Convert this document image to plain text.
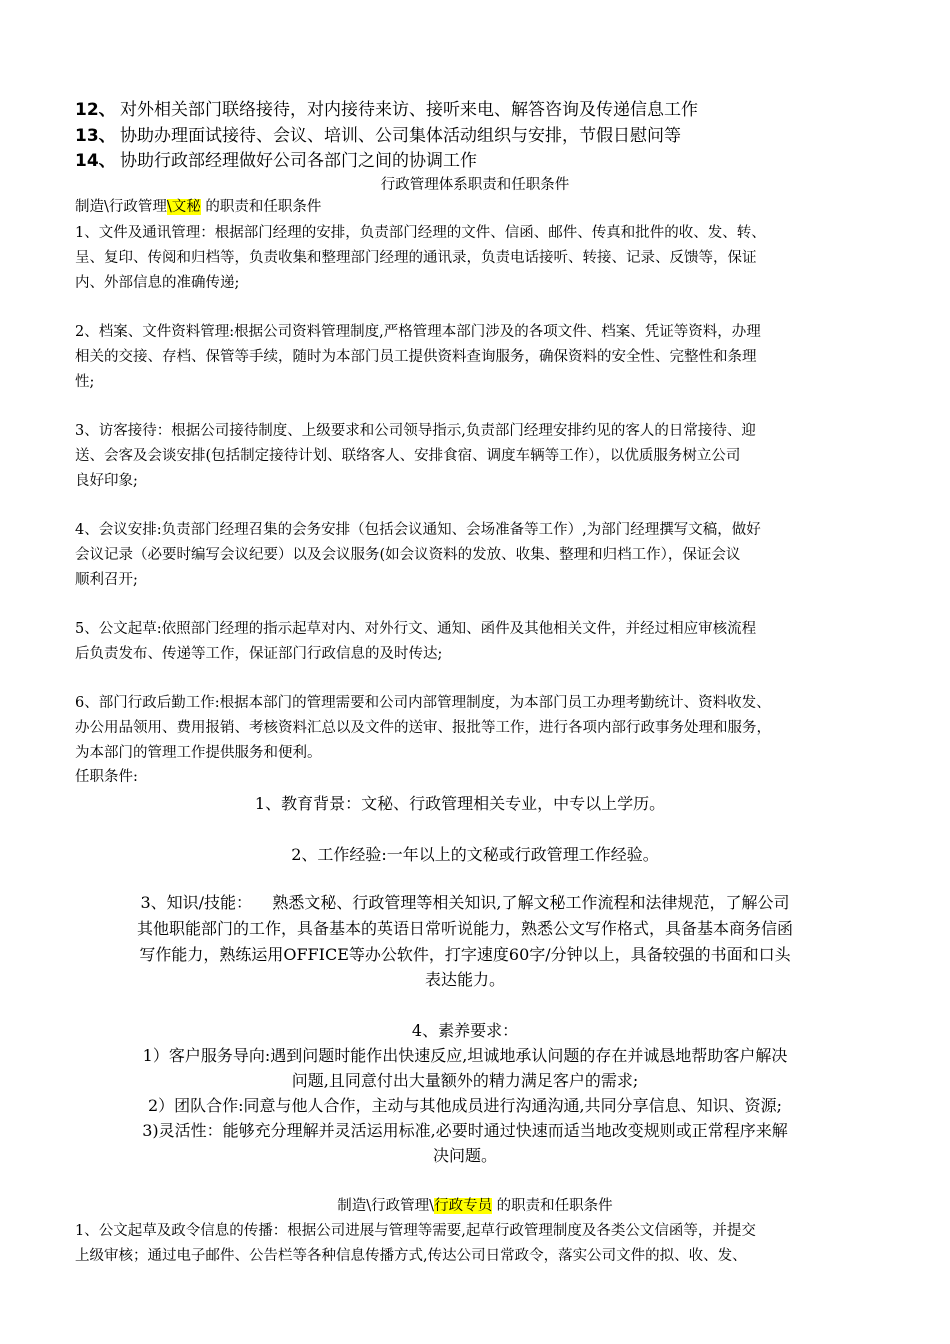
12、 对外相关部门联络接待，对内接待来访、接听来电、解答咨询及传递信息工作
13、 协助办理面试接待、会议、培训、公司集体活动组织与安排，节假日慰问等
14、 协助行政部经理做好公司各部门之间的协调工作
行政管理体系职责和任职条件
制造\行政管理\文秘 的职责和任职条件
1、文件及通讯管理：根据部门经理的安排，负责部门经理的文件、信函、邮件、传真和批件的收、发、转、
呈、复印、传阅和归档等，负责收集和整理部门经理的通讯录，负责电话接听、转接、记录、反馈等，保证
内、外部信息的准确传递;
2、档案、文件资料管理:根据公司资料管理制度,严格管理本部门涉及的各项文件、档案、凭证等资料，办理
相关的交接、存档、保管等手续，随时为本部门员工提供资料查询服务，确保资料的安全性、完整性和条理
性;
3、访客接待：根据公司接待制度、上级要求和公司领导指示,负责部门经理安排约见的客人的日常接待、迎
送、会客及会谈安排(包括制定接待计划、联络客人、安排食宿、调度车辆等工作），以优质服务树立公司
良好印象;
4、会议安排:负责部门经理召集的会务安排（包括会议通知、会场准备等工作）,为部门经理撰写文稿，做好
会议记录（必要时编写会议纪要）以及会议服务(如会议资料的发放、收集、整理和归档工作），保证会议
顺利召开;
5、公文起草:依照部门经理的指示起草对内、对外行文、通知、函件及其他相关文件，并经过相应审核流程
后负责发布、传递等工作，保证部门行政信息的及时传达;
6、部门行政后勤工作:根据本部门的管理需要和公司内部管理制度，为本部门员工办理考勤统计、资料收发、
办公用品领用、费用报销、考核资料汇总以及文件的送审、报批等工作，进行各项内部行政事务处理和服务，
为本部门的管理工作提供服务和便利。
任职条件:
1、教育背景：文秘、行政管理相关专业，中专以上学历。
2、工作经验:一年以上的文秘或行政管理工作经验。
3、知识/技能：    熟悉文秘、行政管理等相关知识,了解文秘工作流程和法律规范，了解公司
其他职能部门的工作，具备基本的英语日常听说能力，熟悉公文写作格式，具备基本商务信函
写作能力，熟练运用OFFICE等办公软件，打字速度60字/分钟以上，具备较强的书面和口头
表达能力。
4、素养要求：
1）客户服务导向:遇到问题时能作出快速反应,坦诚地承认问题的存在并诚恳地帮助客户解决
问题,且同意付出大量额外的精力满足客户的需求;
2）团队合作:同意与他人合作，主动与其他成员进行沟通沟通,共同分享信息、知识、资源;
3)灵活性：能够充分理解并灵活运用标准,必要时通过快速而适当地改变规则或正常程序来解
决问题。
制造\行政管理\行政专员 的职责和任职条件
1、公文起草及政令信息的传播：根据公司进展与管理等需要,起草行政管理制度及各类公文信函等，并提交
上级审核；通过电子邮件、公告栏等各种信息传播方式,传达公司日常政令，落实公司文件的拟、收、发、
